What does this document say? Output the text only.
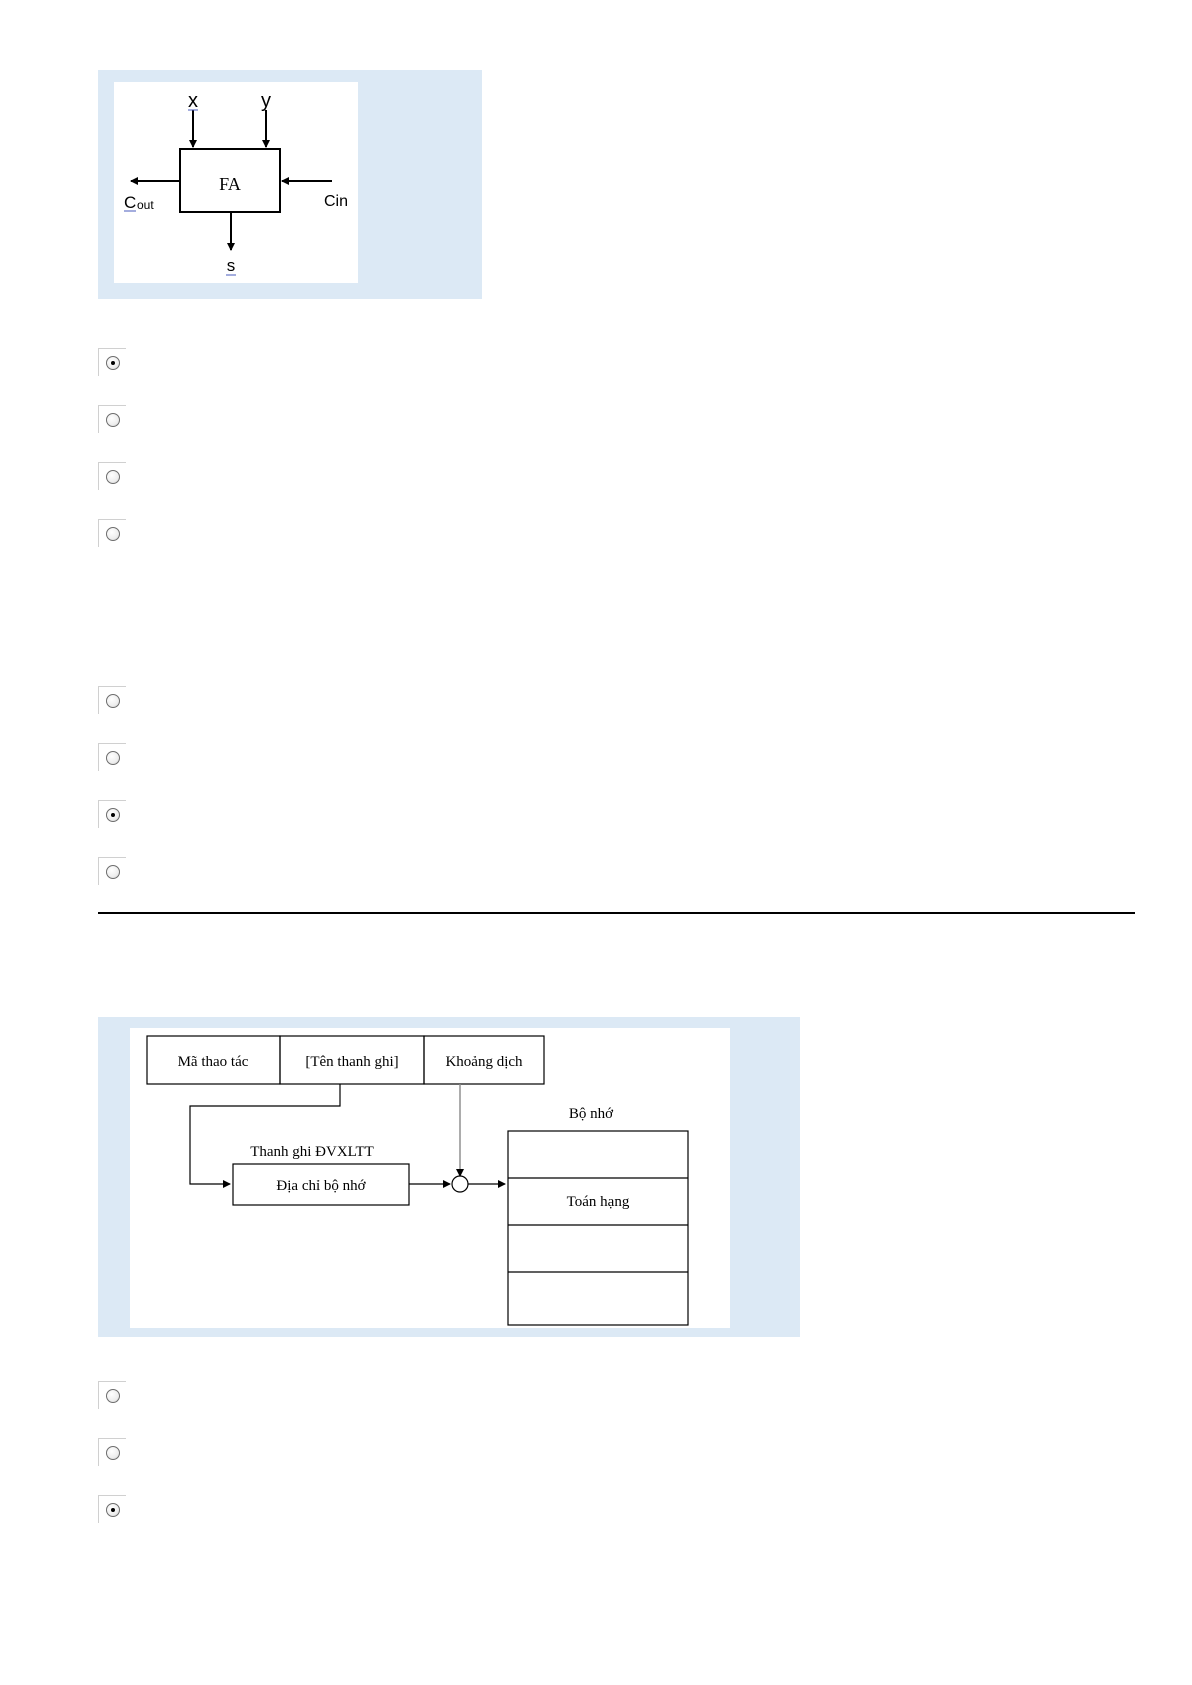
FA
x	y
C out	Cin
s
Mã thao tác	[Tên thanh ghi]	Khoảng dịch
Thanh ghi ĐVXLTT
Địa chỉ bộ nhớ
Bộ nhớ
Toán hạng
